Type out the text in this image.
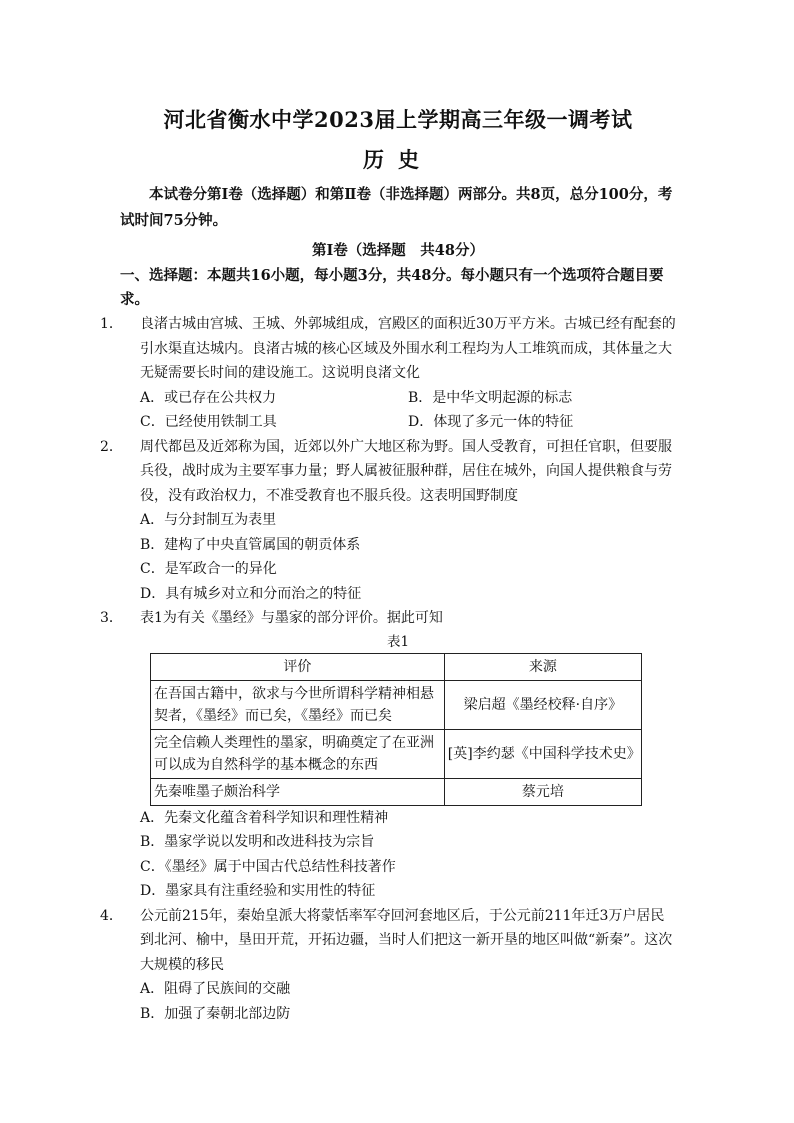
河北省衡水中学2023届上学期高三年级一调考试
历史

本试卷分第Ⅰ卷（选择题）和第Ⅱ卷（非选择题）两部分。共8页，总分100分，考试时间75分钟。

第Ⅰ卷（选择题　共48分）

一、选择题：本题共16小题，每小题3分，共48分。每小题只有一个选项符合题目要求。

1． 良渚古城由宫城、王城、外郭城组成，宫殿区的面积近30万平方米。古城已经有配套的引水渠直达城内。良渚古城的核心区域及外围水利工程均为人工堆筑而成，其体量之大无疑需要长时间的建设施工。这说明良渚文化
A．或已存在公共权力	B．是中华文明起源的标志
C．已经使用铁制工具	D．体现了多元一体的特征
2． 周代都邑及近郊称为国，近郊以外广大地区称为野。国人受教育，可担任官职，但要服兵役，战时成为主要军事力量；野人属被征服种群，居住在城外，向国人提供粮食与劳役，没有政治权力，不准受教育也不服兵役。这表明国野制度
A．与分封制互为表里
B．建构了中央直管属国的朝贡体系
C．是军政合一的异化
D．具有城乡对立和分而治之的特征
3． 表1为有关《墨经》与墨家的部分评价。据此可知

表1

评价	来源
在吾国古籍中，欲求与今世所谓科学精神相悬契者，《墨经》而已矣，《墨经》而已矣	梁启超《墨经校释·自序》
完全信赖人类理性的墨家，明确奠定了在亚洲可以成为自然科学的基本概念的东西	[英]李约瑟《中国科学技术史》
先秦唯墨子颇治科学	蔡元培
A．先秦文化蕴含着科学知识和理性精神
B．墨家学说以发明和改进科技为宗旨
C．《墨经》属于中国古代总结性科技著作
D．墨家具有注重经验和实用性的特征
4． 公元前215年，秦始皇派大将蒙恬率军夺回河套地区后，于公元前211年迁3万户居民到北河、榆中，垦田开荒，开拓边疆，当时人们把这一新开垦的地区叫做“新秦”。这次大规模的移民
A．阻碍了民族间的交融
B．加强了秦朝北部边防
